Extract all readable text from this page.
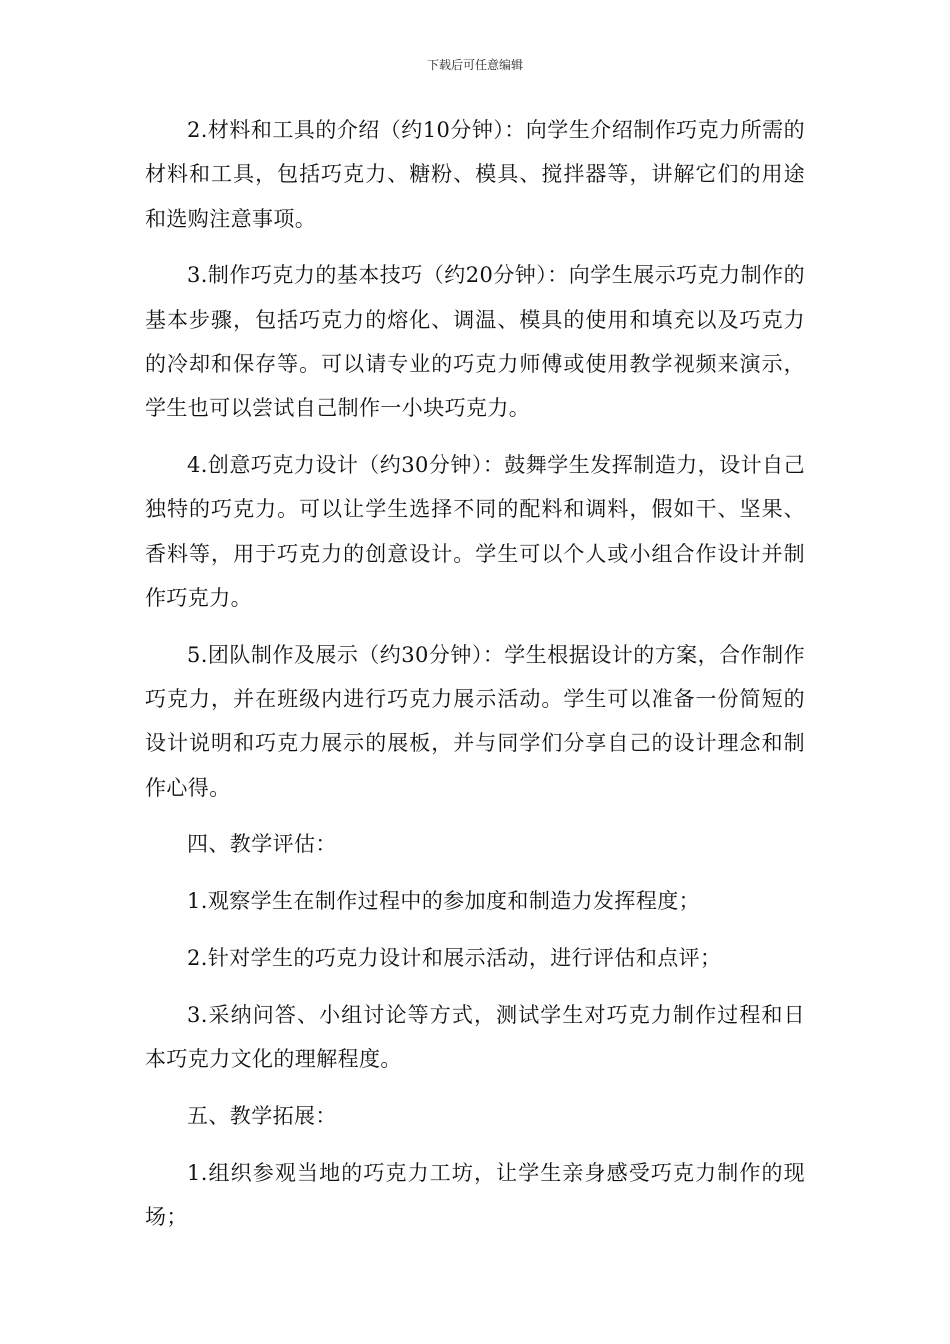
下载后可任意编辑

2.材料和工具的介绍（约10分钟）：向学生介绍制作巧克力所需的材料和工具，包括巧克力、糖粉、模具、搅拌器等，讲解它们的用途和选购注意事项。

3.制作巧克力的基本技巧（约20分钟）：向学生展示巧克力制作的基本步骤，包括巧克力的熔化、调温、模具的使用和填充以及巧克力的冷却和保存等。可以请专业的巧克力师傅或使用教学视频来演示，学生也可以尝试自己制作一小块巧克力。

4.创意巧克力设计（约30分钟）：鼓舞学生发挥制造力，设计自己独特的巧克力。可以让学生选择不同的配料和调料，假如干、坚果、香料等，用于巧克力的创意设计。学生可以个人或小组合作设计并制作巧克力。

5.团队制作及展示（约30分钟）：学生根据设计的方案，合作制作巧克力，并在班级内进行巧克力展示活动。学生可以准备一份简短的设计说明和巧克力展示的展板，并与同学们分享自己的设计理念和制作心得。

四、教学评估：

1.观察学生在制作过程中的参加度和制造力发挥程度；

2.针对学生的巧克力设计和展示活动，进行评估和点评；

3.采纳问答、小组讨论等方式，测试学生对巧克力制作过程和日本巧克力文化的理解程度。

五、教学拓展：

1.组织参观当地的巧克力工坊，让学生亲身感受巧克力制作的现场；
